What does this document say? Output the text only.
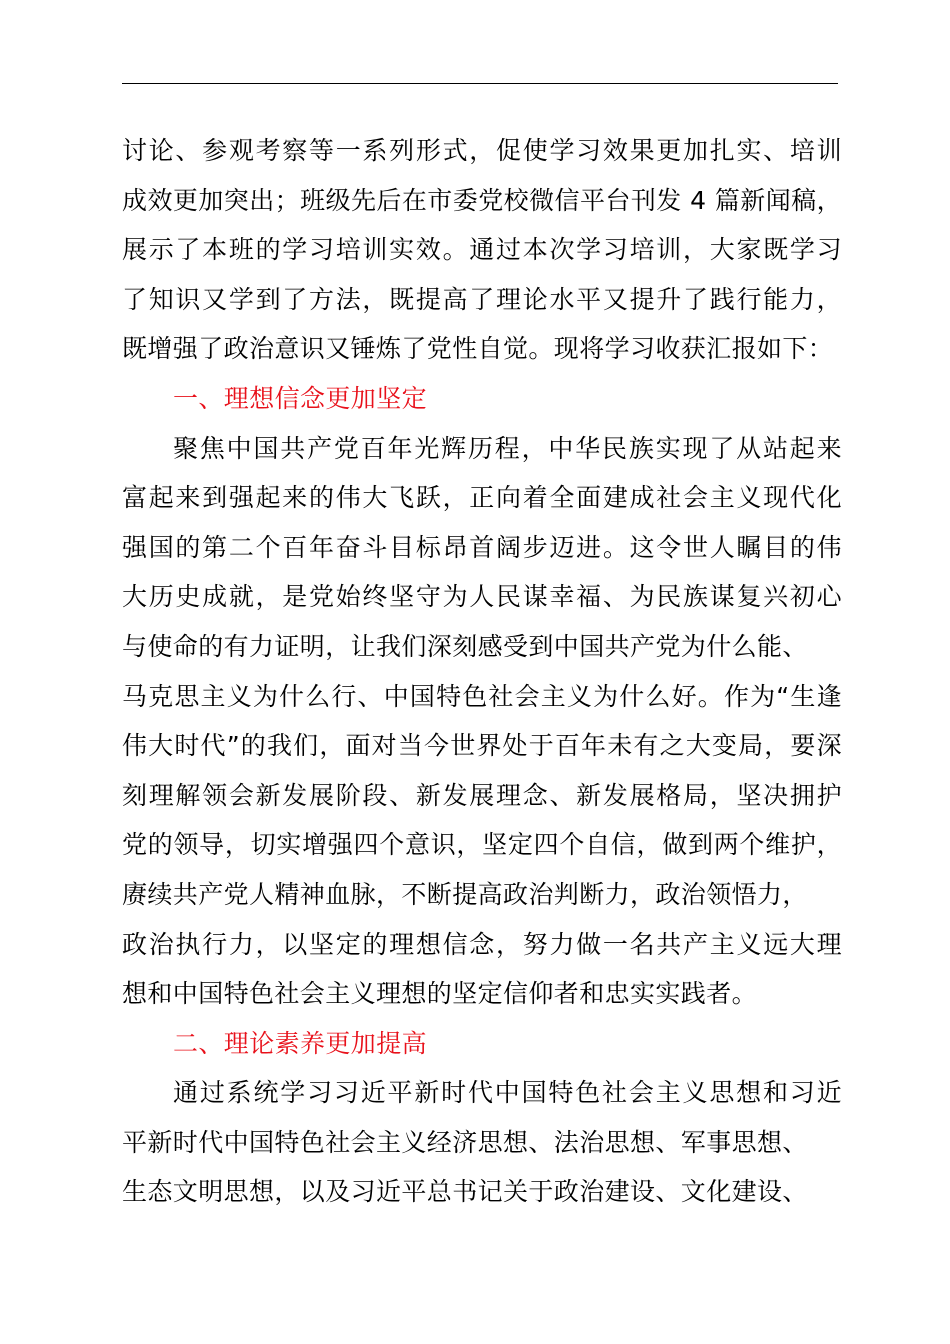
讨论、参观考察等一系列形式，促使学习效果更加扎实、培训
成效更加突出；班级先后在市委党校微信平台刊发 4 篇新闻稿，
展示了本班的学习培训实效。通过本次学习培训，大家既学习
了知识又学到了方法，既提高了理论水平又提升了践行能力，
既增强了政治意识又锤炼了党性自觉。现将学习收获汇报如下：
一、理想信念更加坚定
聚焦中国共产党百年光辉历程，中华民族实现了从站起来
富起来到强起来的伟大飞跃，正向着全面建成社会主义现代化
强国的第二个百年奋斗目标昂首阔步迈进。这令世人瞩目的伟
大历史成就，是党始终坚守为人民谋幸福、为民族谋复兴初心
与使命的有力证明，让我们深刻感受到中国共产党为什么能、
马克思主义为什么行、中国特色社会主义为什么好。作为“生逢
伟大时代”的我们，面对当今世界处于百年未有之大变局，要深
刻理解领会新发展阶段、新发展理念、新发展格局，坚决拥护
党的领导，切实增强四个意识，坚定四个自信，做到两个维护，
赓续共产党人精神血脉，不断提高政治判断力，政治领悟力，
政治执行力，以坚定的理想信念，努力做一名共产主义远大理
想和中国特色社会主义理想的坚定信仰者和忠实实践者。
二、理论素养更加提高
通过系统学习习近平新时代中国特色社会主义思想和习近
平新时代中国特色社会主义经济思想、法治思想、军事思想、
生态文明思想，以及习近平总书记关于政治建设、文化建设、
